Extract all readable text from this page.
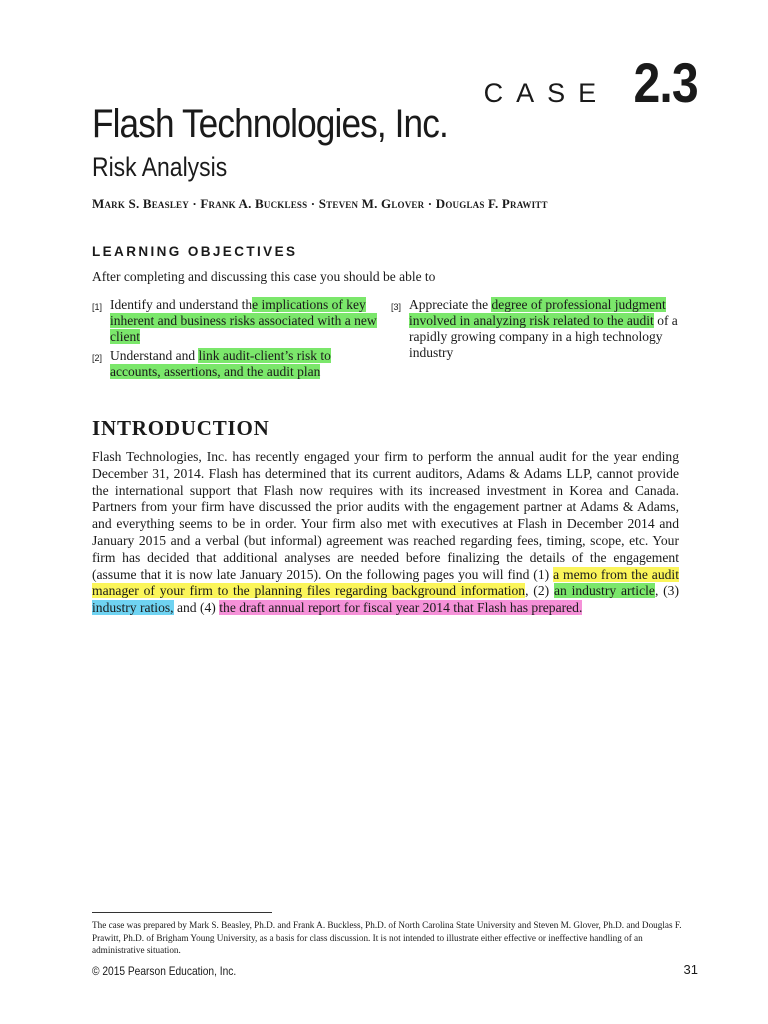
CASE 2.3
Flash Technologies, Inc.
Risk Analysis
Mark S. Beasley · Frank A. Buckless · Steven M. Glover · Douglas F. Prawitt
LEARNING OBJECTIVES
After completing and discussing this case you should be able to
[1] Identify and understand the implications of key inherent and business risks associated with a new client
[2] Understand and link audit-client’s risk to accounts, assertions, and the audit plan
[3] Appreciate the degree of professional judgment involved in analyzing risk related to the audit of a rapidly growing company in a high technology industry
INTRODUCTION
Flash Technologies, Inc. has recently engaged your firm to perform the annual audit for the year ending December 31, 2014. Flash has determined that its current auditors, Adams & Adams LLP, cannot provide the international support that Flash now requires with its increased investment in Korea and Canada. Partners from your firm have discussed the prior audits with the engagement partner at Adams & Adams, and everything seems to be in order. Your firm also met with executives at Flash in December 2014 and January 2015 and a verbal (but informal) agreement was reached regarding fees, timing, scope, etc. Your firm has decided that additional analyses are needed before finalizing the details of the engagement (assume that it is now late January 2015). On the following pages you will find (1) a memo from the audit manager of your firm to the planning files regarding background information, (2) an industry article, (3) industry ratios, and (4) the draft annual report for fiscal year 2014 that Flash has prepared.
The case was prepared by Mark S. Beasley, Ph.D. and Frank A. Buckless, Ph.D. of North Carolina State University and Steven M. Glover, Ph.D. and Douglas F. Prawitt, Ph.D. of Brigham Young University, as a basis for class discussion. It is not intended to illustrate either effective or ineffective handling of an administrative situation.
© 2015 Pearson Education, Inc.	31
